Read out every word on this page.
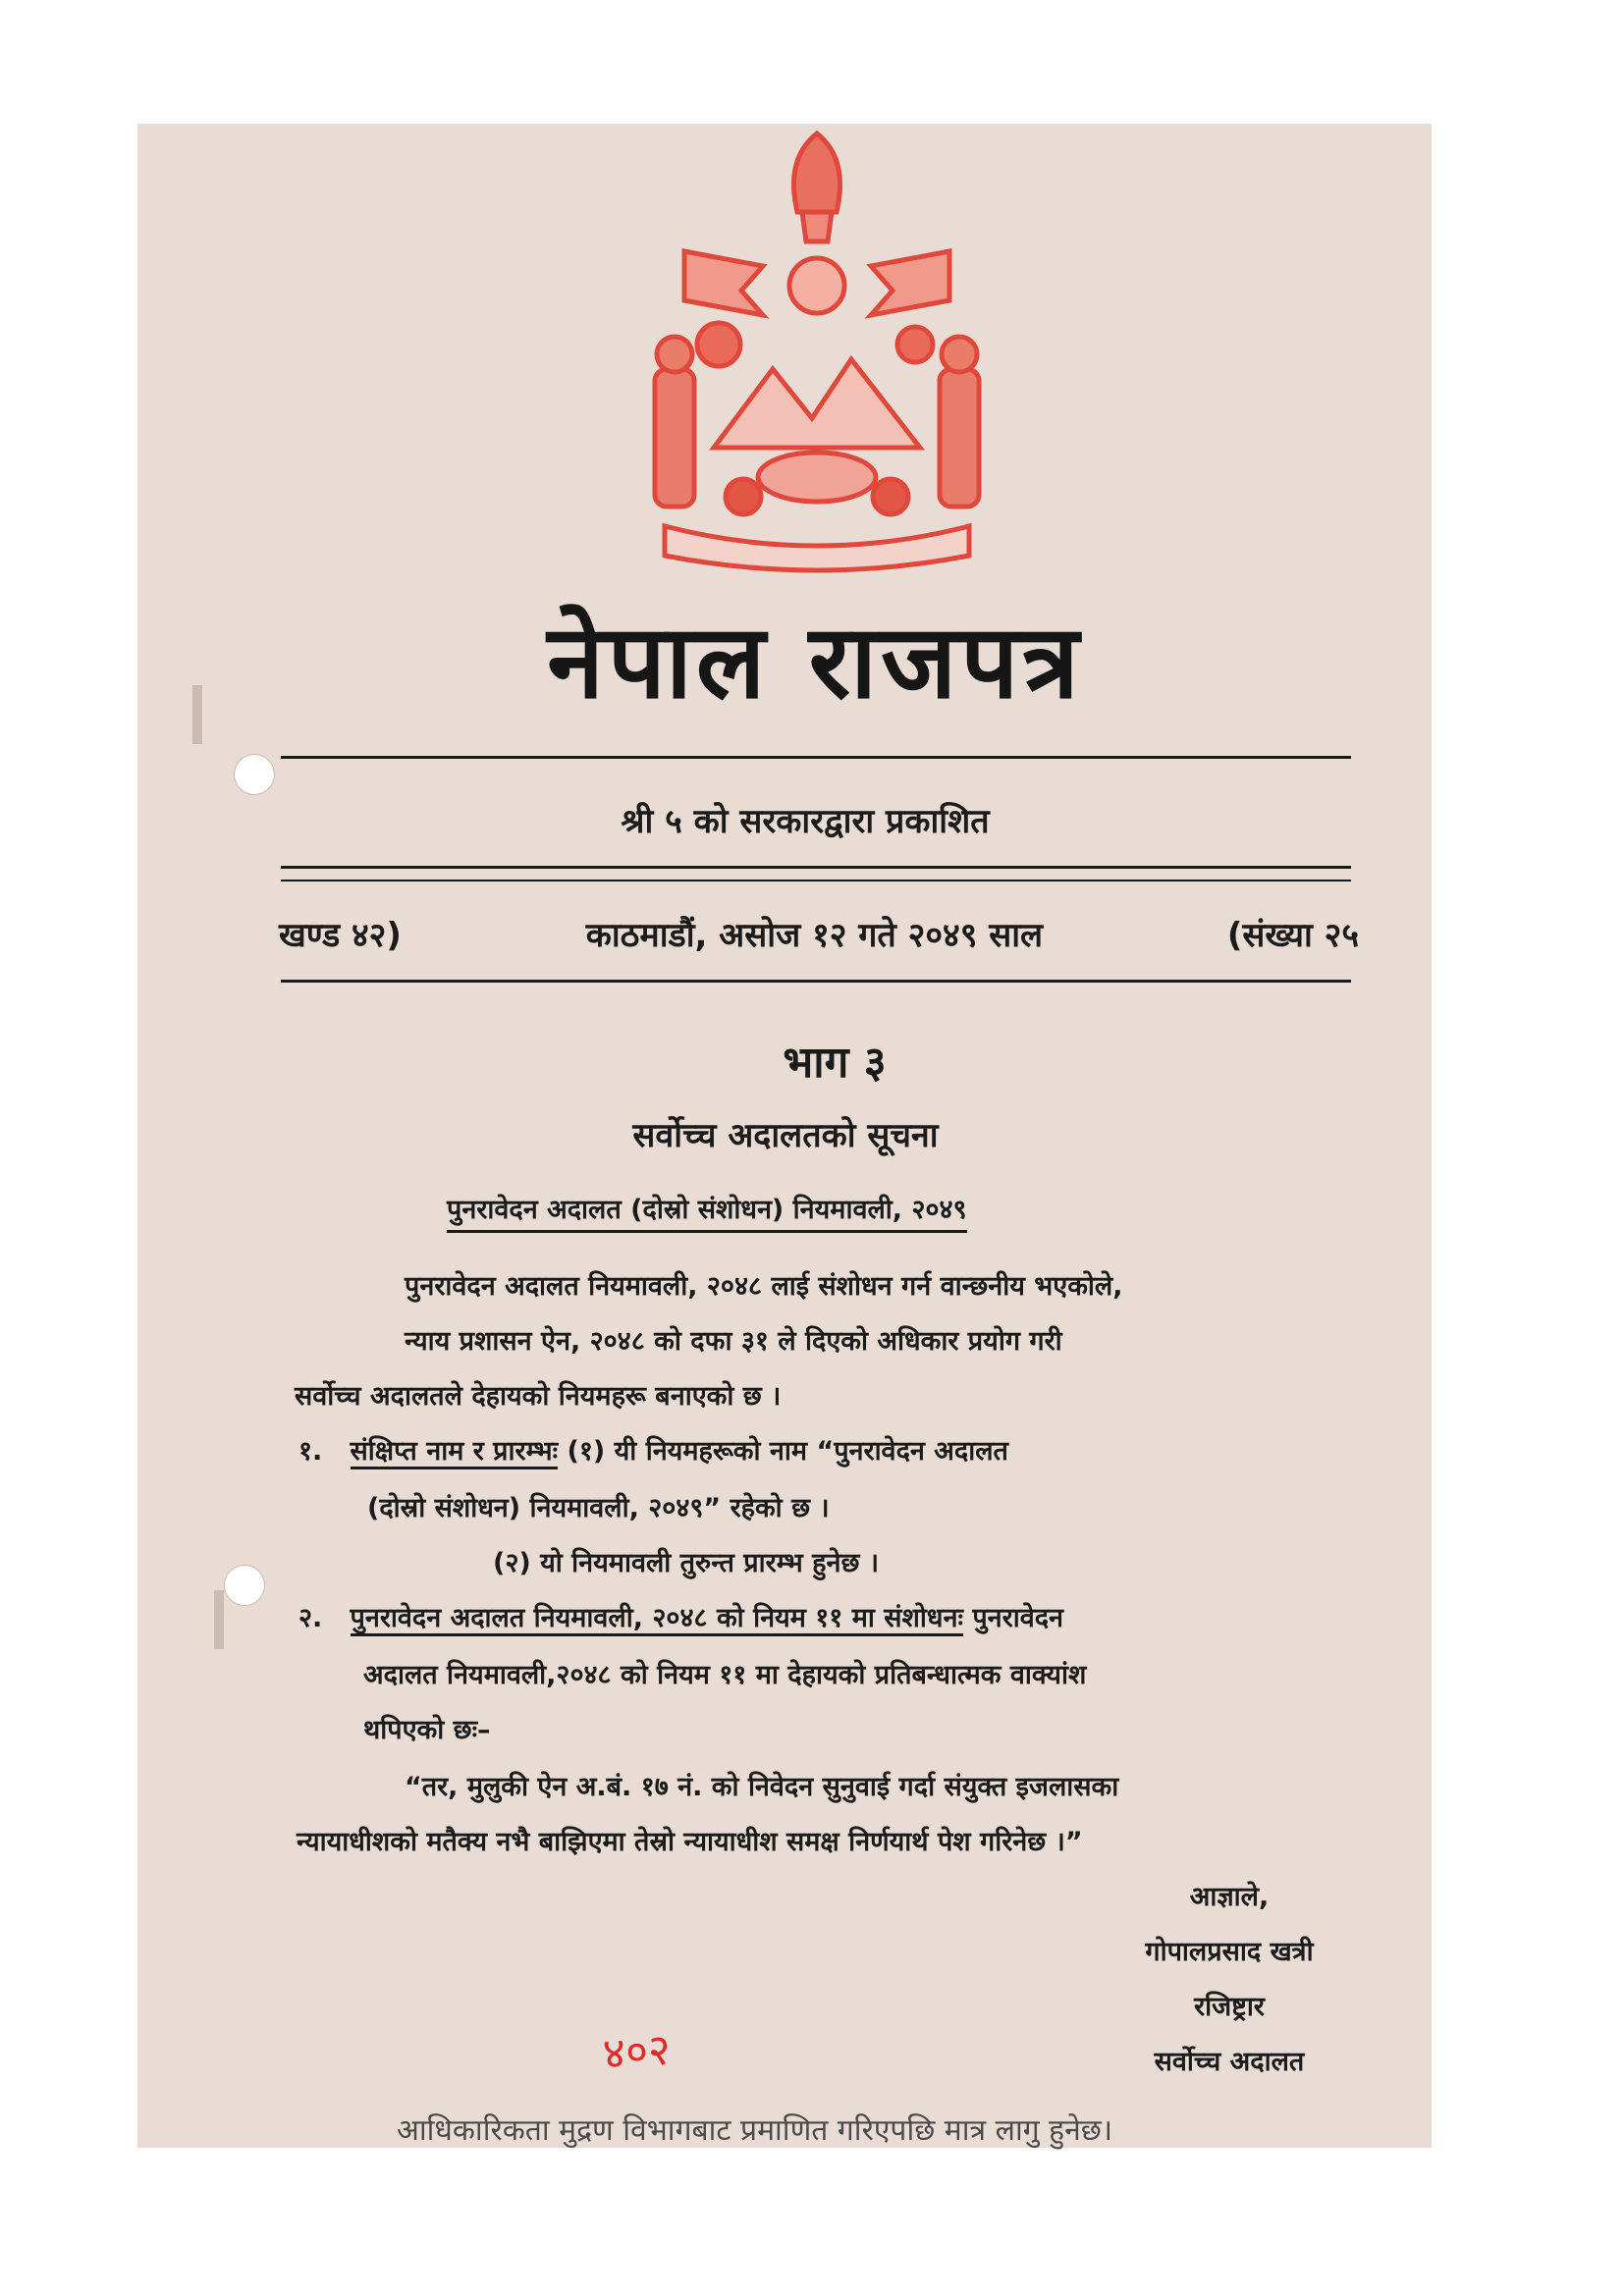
नेपाल राजपत्र
श्री ५ को सरकारद्वारा प्रकाशित
खण्ड ४२)	काठमाडौं, असोज १२ गते २०४९ साल	(संख्या २५
भाग ३
सर्वोच्च अदालतको सूचना
पुनरावेदन अदालत (दोस्रो संशोधन) नियमावली, २०४९
पुनरावेदन अदालत नियमावली, २०४८ लाई संशोधन गर्न वान्छनीय भएकोले,
न्याय प्रशासन ऐन, २०४८ को दफा ३१ ले दिएको अधिकार प्रयोग गरी
सर्वोच्च अदालतले देहायको नियमहरू बनाएको छ ।
१. संक्षिप्त नाम र प्रारम्भः (१) यी नियमहरूको नाम “पुनरावेदन अदालत
(दोस्रो संशोधन) नियमावली, २०४९” रहेको छ ।
(२) यो नियमावली तुरुन्त प्रारम्भ हुनेछ ।
२. पुनरावेदन अदालत नियमावली, २०४८ को नियम ११ मा संशोधनः पुनरावेदन
अदालत नियमावली,२०४८ को नियम ११ मा देहायको प्रतिबन्धात्मक वाक्यांश
थपिएको छः–
“तर, मुलुकी ऐन अ.बं. १७ नं. को निवेदन सुनुवाई गर्दा संयुक्त इजलासका
न्यायाधीशको मतैक्य नभै बाझिएमा तेस्रो न्यायाधीश समक्ष निर्णयार्थ पेश गरिनेछ ।”
आज्ञाले,
गोपालप्रसाद खत्री
रजिष्ट्रार
सर्वोच्च अदालत
४०२
आधिकारिकता मुद्रण विभागबाट प्रमाणित गरिएपछि मात्र लागु हुनेछ।
